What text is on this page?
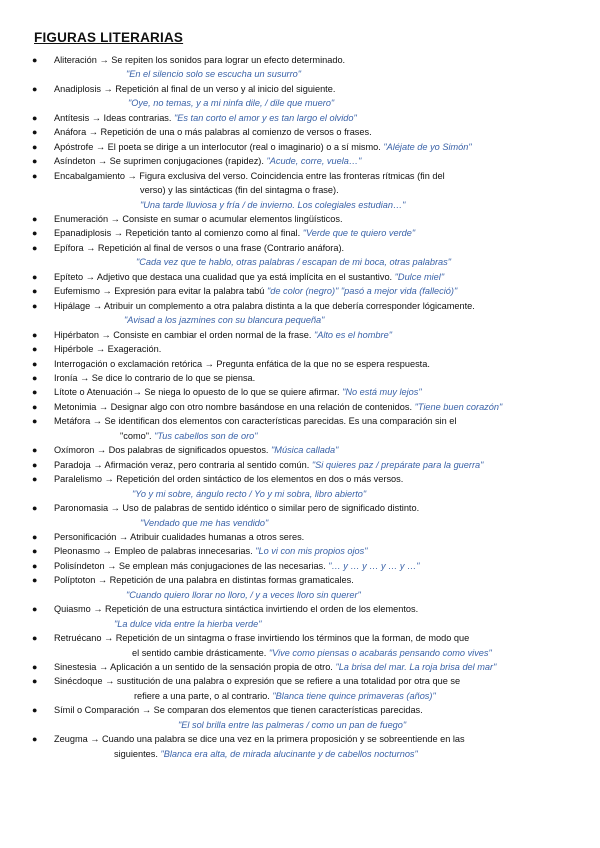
FIGURAS LITERARIAS
● Aliteración → Se repiten los sonidos para lograr un efecto determinado.
"En el silencio solo se escucha un susurro"
● Anadiplosis → Repetición al final de un verso y al inicio del siguiente.
"Oye, no temas, y a mi ninfa dile, / dile que muero"
● Antítesis → Ideas contrarias. "Es tan corto el amor y es tan largo el olvido"
● Anáfora → Repetición de una o más palabras al comienzo de versos o frases.
● Apóstrofe → El poeta se dirige a un interlocutor (real o imaginario) o a sí mismo. "Aléjate de yo Simón"
● Asíndeton → Se suprimen conjugaciones (rapidez). "Acude, corre, vuela…"
● Encabalgamiento → Figura exclusiva del verso. Coincidencia entre las fronteras rítmicas (fin del
verso) y las sintácticas (fin del sintagma o frase).
"Una tarde lluviosa y fría / de invierno. Los colegiales estudian…"
● Enumeración → Consiste en sumar o acumular elementos lingüísticos.
● Epanadiplosis → Repetición tanto al comienzo como al final. "Verde que te quiero verde"
● Epífora → Repetición al final de versos o una frase (Contrario anáfora).
"Cada vez que te hablo, otras palabras / escapan de mi boca, otras palabras"
● Epíteto → Adjetivo que destaca una cualidad que ya está implícita en el sustantivo. "Dulce miel"
● Eufemismo → Expresión para evitar la palabra tabú "de color (negro)" "pasó a mejor vida (falleció)"
● Hipálage → Atribuir un complemento a otra palabra distinta a la que debería corresponder lógicamente.
"Avisad a los jazmines con su blancura pequeña"
● Hipérbaton → Consiste en cambiar el orden normal de la frase. "Alto es el hombre"
● Hipérbole → Exageración.
● Interrogación o exclamación retórica → Pregunta enfática de la que no se espera respuesta.
● Ironía → Se dice lo contrario de lo que se piensa.
● Lítote o Atenuación→ Se niega lo opuesto de lo que se quiere afirmar. "No está muy lejos"
● Metonimia → Designar algo con otro nombre basándose en una relación de contenidos. "Tiene buen corazón"
● Metáfora → Se identifican dos elementos con características parecidas. Es una comparación sin el
"como". "Tus cabellos son de oro"
● Oxímoron → Dos palabras de significados opuestos. "Música callada"
● Paradoja → Afirmación veraz, pero contraria al sentido común. "Si quieres paz / prepárate para la guerra"
● Paralelismo → Repetición del orden sintáctico de los elementos en dos o más versos.
"Yo y mi sobre, ángulo recto / Yo y mi sobra, libro abierto"
● Paronomasia → Uso de palabras de sentido idéntico o similar pero de significado distinto.
"Vendado que me has vendido"
● Personificación → Atribuir cualidades humanas a otros seres.
● Pleonasmo → Empleo de palabras innecesarias. "Lo vi con mis propios ojos"
● Polisíndeton → Se emplean más conjugaciones de las necesarias. "… y … y … y … y …"
● Políptoton → Repetición de una palabra en distintas formas gramaticales.
"Cuando quiero llorar no lloro, / y a veces lloro sin querer"
● Quiasmo → Repetición de una estructura sintáctica invirtiendo el orden de los elementos.
"La dulce vida entre la hierba verde"
● Retruécano → Repetición de un sintagma o frase invirtiendo los términos que la forman, de modo que
el sentido cambie drásticamente. "Vive como piensas o acabarás pensando como vives"
● Sinestesia → Aplicación a un sentido de la sensación propia de otro. "La brisa del mar. La roja brisa del mar"
● Sinécdoque → sustitución de una palabra o expresión que se refiere a una totalidad por otra que se
refiere a una parte, o al contrario. "Blanca tiene quince primaveras (años)"
● Símil o Comparación → Se comparan dos elementos que tienen características parecidas.
"El sol brilla entre las palmeras / como un pan de fuego"
● Zeugma → Cuando una palabra se dice una vez en la primera proposición y se sobreentiende en las
siguientes. "Blanca era alta, de mirada alucinante y de cabellos nocturnos"
